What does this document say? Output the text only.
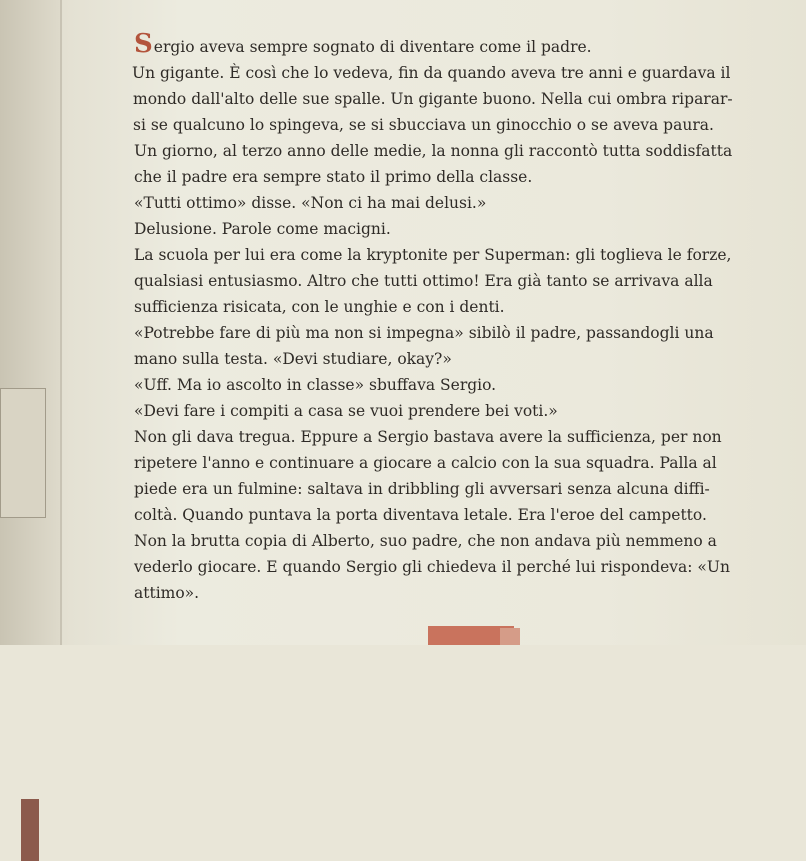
Sergio aveva sempre sognato di diventare come il padre.
Un gigante. È così che lo vedeva, fin da quando aveva tre anni e guardava il
mondo dall'alto delle sue spalle. Un gigante buono. Nella cui ombra riparar-
si se qualcuno lo spingeva, se si sbucciava un ginocchio o se aveva paura.
Un giorno, al terzo anno delle medie, la nonna gli raccontò tutta soddisfatta
che il padre era sempre stato il primo della classe.
«Tutti ottimo» disse. «Non ci ha mai delusi.»
Delusione. Parole come macigni.
La scuola per lui era come la kryptonite per Superman: gli toglieva le forze,
qualsiasi entusiasmo. Altro che tutti ottimo! Era già tanto se arrivava alla
sufficienza risicata, con le unghie e con i denti.
«Potrebbe fare di più ma non si impegna» sibilò il padre, passandogli una
mano sulla testa. «Devi studiare, okay?»
«Uff. Ma io ascolto in classe» sbuffava Sergio.
«Devi fare i compiti a casa se vuoi prendere bei voti.»
Non gli dava tregua. Eppure a Sergio bastava avere la sufficienza, per non
ripetere l'anno e continuare a giocare a calcio con la sua squadra. Palla al
piede era un fulmine: saltava in dribbling gli avversari senza alcuna diffi-
coltà. Quando puntava la porta diventava letale. Era l'eroe del campetto.
Non la brutta copia di Alberto, suo padre, che non andava più nemmeno a
vederlo giocare. E quando Sergio gli chiedeva il perché lui rispondeva: «Un
attimo».
